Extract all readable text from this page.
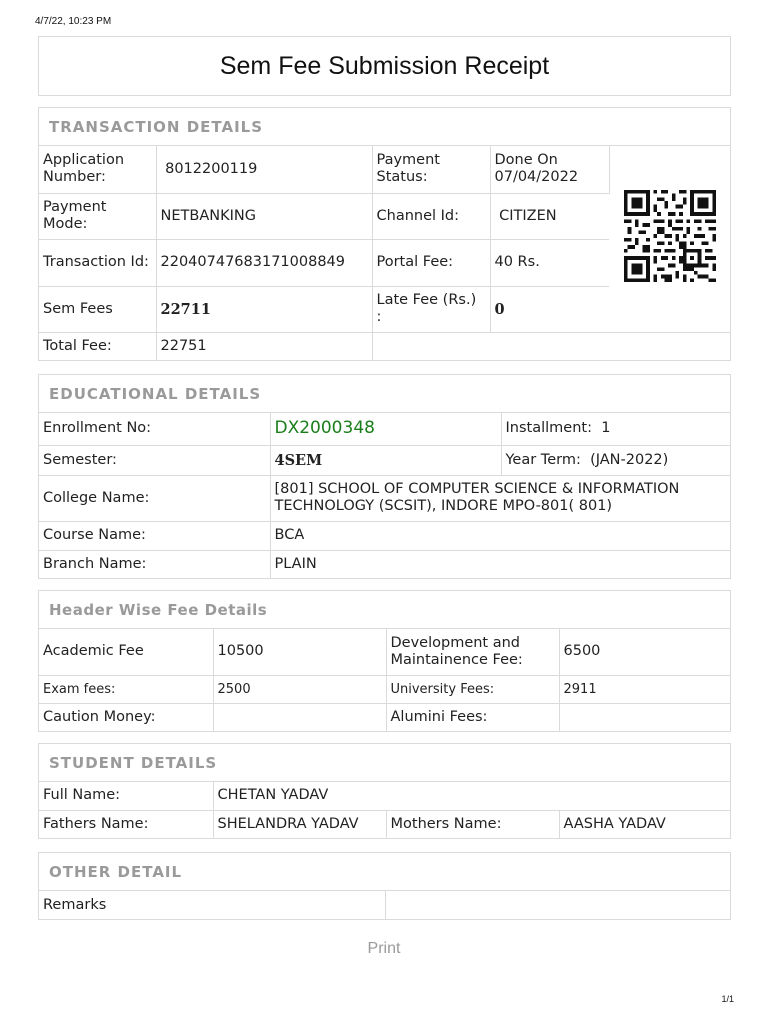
4/7/22, 10:23 PM
Sem Fee Submission Receipt
TRANSACTION DETAILS
Application Number:	8012200119	Payment Status:	Done On 07/04/2022	
Payment Mode:	NETBANKING	Channel Id:	CITIZEN	
Transaction Id:	22040747683171008849	Portal Fee:	40 Rs.	
Sem Fees	22711	Late Fee (Rs.) :	0	
Total Fee:	22751			
EDUCATIONAL DETAILS
Enrollment No:	DX2000348	Installment: 1
Semester:	4SEM	Year Term: (JAN-2022)
College Name:	[801] SCHOOL OF COMPUTER SCIENCE & INFORMATION TECHNOLOGY (SCSIT), INDORE MPO-801( 801)	
Course Name:	BCA	
Branch Name:	PLAIN	
Header Wise Fee Details
Academic Fee	10500	Development and Maintainence Fee:	6500
Exam fees:	2500	University Fees:	2911
Caution Money:		Alumini Fees:	
STUDENT DETAILS
Full Name:	CHETAN YADAV		
Fathers Name:	SHELANDRA YADAV	Mothers Name:	AASHA YADAV
OTHER DETAIL
Remarks	
Print
1/1
